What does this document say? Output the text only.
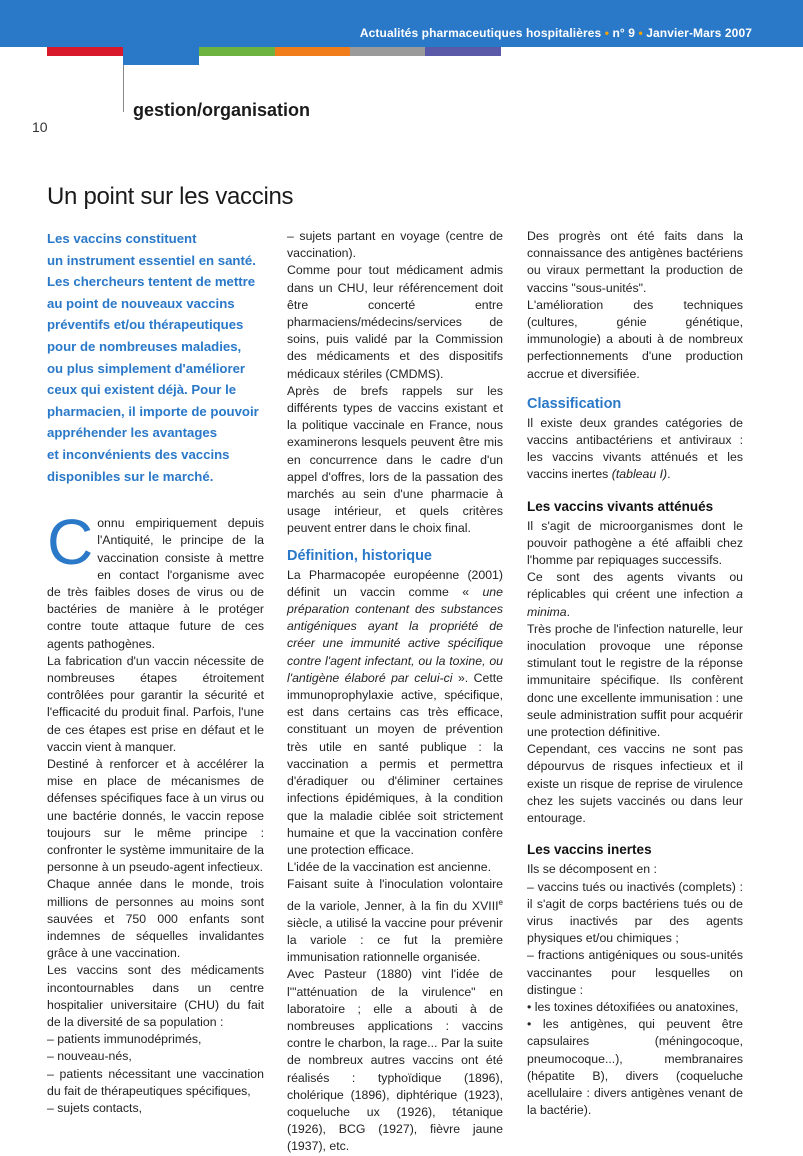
Actualités pharmaceutiques hospitalières • n° 9 • Janvier-Mars 2007
gestion/organisation
10
Un point sur les vaccins

Les vaccins constituent
un instrument essentiel en santé.
Les chercheurs tentent de mettre
au point de nouveaux vaccins
préventifs et/ou thérapeutiques
pour de nombreuses maladies,
ou plus simplement d'améliorer
ceux qui existent déjà. Pour le
pharmacien, il importe de pouvoir
appréhender les avantages
et inconvénients des vaccins
disponibles sur le marché.

Connu empiriquement depuis l'Antiquité, le principe de la vaccination consiste à mettre en contact l'organisme avec de très faibles doses de virus ou de bactéries de manière à le protéger contre toute attaque future de ces agents pathogènes.

La fabrication d'un vaccin nécessite de nombreuses étapes étroitement contrôlées pour garantir la sécurité et l'efficacité du produit final. Parfois, l'une de ces étapes est prise en défaut et le vaccin vient à manquer.

Destiné à renforcer et à accélérer la mise en place de mécanismes de défenses spécifiques face à un virus ou une bactérie donnés, le vaccin repose toujours sur le même principe : confronter le système immunitaire de la personne à un pseudo-agent infectieux.

Chaque année dans le monde, trois millions de personnes au moins sont sauvées et 750 000 enfants sont indemnes de séquelles invalidantes grâce à une vaccination.

Les vaccins sont des médicaments incontournables dans un centre hospitalier universitaire (CHU) du fait de la diversité de sa population :

– patients immunodéprimés,

– nouveau-nés,

– patients nécessitant une vaccination du fait de thérapeutiques spécifiques,

– sujets contacts,

– sujets partant en voyage (centre de vaccination).

Comme pour tout médicament admis dans un CHU, leur référencement doit être concerté entre pharmaciens/médecins/services de soins, puis validé par la Commission des médicaments et des dispositifs médicaux stériles (CMDMS).

Après de brefs rappels sur les différents types de vaccins existant et la politique vaccinale en France, nous examinerons lesquels peuvent être mis en concurrence dans le cadre d'un appel d'offres, lors de la passation des marchés au sein d'une pharmacie à usage intérieur, et quels critères peuvent entrer dans le choix final.

Définition, historique

La Pharmacopée européenne (2001) définit un vaccin comme « une préparation contenant des substances antigéniques ayant la propriété de créer une immunité active spécifique contre l'agent infectant, ou la toxine, ou l'antigène élaboré par celui-ci ». Cette immunoprophylaxie active, spécifique, est dans certains cas très efficace, constituant un moyen de prévention très utile en santé publique : la vaccination a permis et permettra d'éradiquer ou d'éliminer certaines infections épidémiques, à la condition que la maladie ciblée soit strictement humaine et que la vaccination confère une protection efficace.

L'idée de la vaccination est ancienne.

Faisant suite à l'inoculation volontaire de la variole, Jenner, à la fin du XVIIIe siècle, a utilisé la vaccine pour prévenir la variole : ce fut la première immunisation rationnelle organisée.

Avec Pasteur (1880) vint l'idée de l'"atténuation de la virulence" en laboratoire ; elle a abouti à de nombreuses applications : vaccins contre le charbon, la rage... Par la suite de nombreux autres vaccins ont été réalisés : typhoïdique (1896), cholérique (1896), diphtérique (1923), coqueluche ux (1926), tétanique (1926), BCG (1927), fièvre jaune (1937), etc.

Des progrès ont été faits dans la connaissance des antigènes bactériens ou viraux permettant la production de vaccins "sous-unités".

L'amélioration des techniques (cultures, génie génétique, immunologie) a abouti à de nombreux perfectionnements d'une production accrue et diversifiée.

Classification

Il existe deux grandes catégories de vaccins antibactériens et antiviraux : les vaccins vivants atténués et les vaccins inertes (tableau I).

Les vaccins vivants atténués

Il s'agit de microorganismes dont le pouvoir pathogène a été affaibli chez l'homme par repiquages successifs.

Ce sont des agents vivants ou réplicables qui créent une infection a minima.

Très proche de l'infection naturelle, leur inoculation provoque une réponse stimulant tout le registre de la réponse immunitaire spécifique. Ils confèrent donc une excellente immunisation : une seule administration suffit pour acquérir une protection définitive.

Cependant, ces vaccins ne sont pas dépourvus de risques infectieux et il existe un risque de reprise de virulence chez les sujets vaccinés ou dans leur entourage.

Les vaccins inertes

Ils se décomposent en :

– vaccins tués ou inactivés (complets) : il s'agit de corps bactériens tués ou de virus inactivés par des agents physiques et/ou chimiques ;

– fractions antigéniques ou sous-unités vaccinantes pour lesquelles on distingue :

• les toxines détoxifiées ou anatoxines,

• les antigènes, qui peuvent être capsulaires (méningocoque, pneumocoque...), membranaires (hépatite B), divers (coqueluche acellulaire : divers antigènes venant de la bactérie).
